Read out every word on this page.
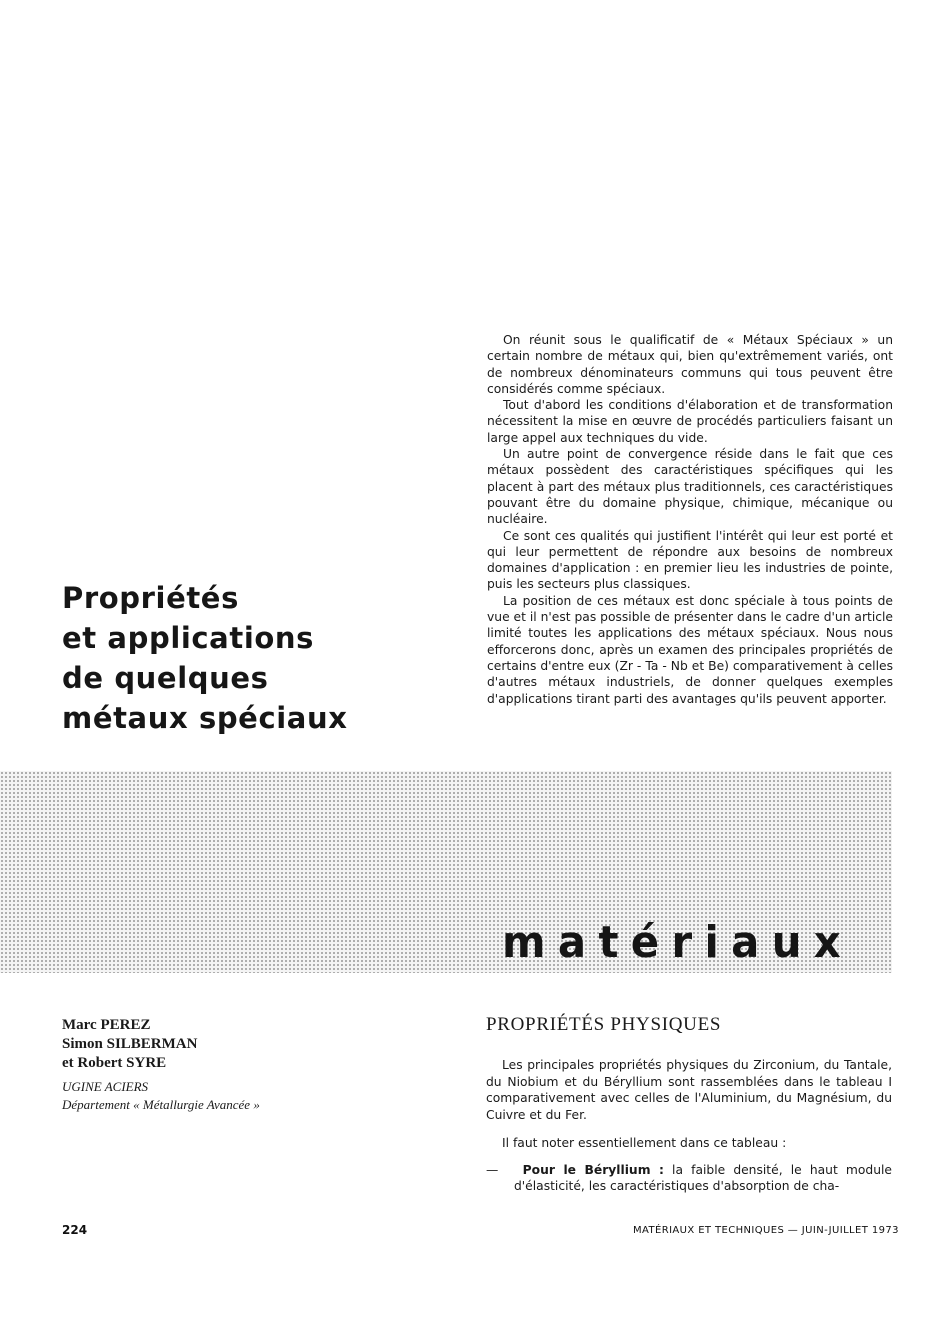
Propriétés
et applications
de quelques
métaux spéciaux

On réunit sous le qualificatif de « Métaux Spéciaux » un certain nombre de métaux qui, bien qu'extrêmement variés, ont de nombreux dénominateurs communs qui tous peuvent être considérés comme spéciaux.

Tout d'abord les conditions d'élaboration et de transformation nécessitent la mise en œuvre de procédés particuliers faisant un large appel aux techniques du vide.

Un autre point de convergence réside dans le fait que ces métaux possèdent des caractéristiques spécifiques qui les placent à part des métaux plus traditionnels, ces caractéristiques pouvant être du domaine physique, chimique, mécanique ou nucléaire.

Ce sont ces qualités qui justifient l'intérêt qui leur est porté et qui leur permettent de répondre aux besoins de nombreux domaines d'application : en premier lieu les industries de pointe, puis les secteurs plus classiques.

La position de ces métaux est donc spéciale à tous points de vue et il n'est pas possible de présenter dans le cadre d'un article limité toutes les applications des métaux spéciaux. Nous nous efforcerons donc, après un examen des principales propriétés de certains d'entre eux (Zr - Ta - Nb et Be) comparativement à celles d'autres métaux industriels, de donner quelques exemples d'applications tirant parti des avantages qu'ils peuvent apporter.

matériaux
Marc PEREZ
Simon SILBERMAN
et Robert SYRE
UGINE ACIERS
Département « Métallurgie Avancée »
PROPRIÉTÉS PHYSIQUES

Les principales propriétés physiques du Zirconium, du Tantale, du Niobium et du Béryllium sont rassemblées dans le tableau I comparativement avec celles de l'Aluminium, du Magnésium, du Cuivre et du Fer.

Il faut noter essentiellement dans ce tableau :

— Pour le Béryllium : la faible densité, le haut module d'élasticité, les caractéristiques d'absorption de cha-

224	MATÉRIAUX ET TECHNIQUES — JUIN-JUILLET 1973
